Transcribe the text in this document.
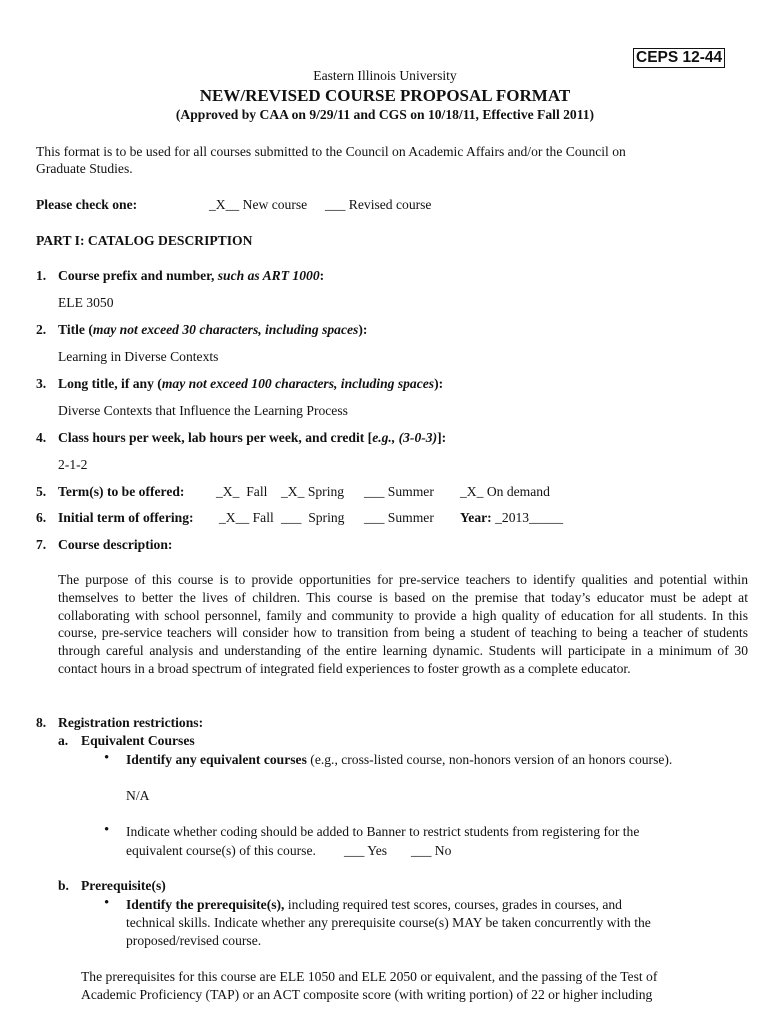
CEPS 12-44
Eastern Illinois University
NEW/REVISED COURSE PROPOSAL FORMAT
(Approved by CAA on 9/29/11 and CGS on 10/18/11, Effective Fall 2011)
This format is to be used for all courses submitted to the Council on Academic Affairs and/or the Council on
Graduate Studies.
Please check one:	_X__ New course	___ Revised course
PART I: CATALOG DESCRIPTION
1. Course prefix and number, such as ART 1000:
ELE 3050
2. Title (may not exceed 30 characters, including spaces):
Learning in Diverse Contexts
3. Long title, if any (may not exceed 100 characters, including spaces):
Diverse Contexts that Influence the Learning Process
4. Class hours per week, lab hours per week, and credit [e.g., (3-0-3)]:
2-1-2
5. Term(s) to be offered: _X_ Fall _X_ Spring ___ Summer _X_ On demand
6. Initial term of offering: _X__ Fall ___ Spring ___ Summer Year: _2013_____
7. Course description:
The purpose of this course is to provide opportunities for pre-service teachers to identify qualities and potential within themselves to better the lives of children. This course is based on the premise that today’s educator must be adept at collaborating with school personnel, family and community to provide a high quality of education for all students. In this course, pre-service teachers will consider how to transition from being a student of teaching to being a teacher of students through careful analysis and understanding of the entire learning dynamic. Students will participate in a minimum of 30 contact hours in a broad spectrum of integrated field experiences to foster growth as a complete educator.
8. Registration restrictions:
a. Equivalent Courses
• Identify any equivalent courses (e.g., cross-listed course, non-honors version of an honors course).
N/A
• Indicate whether coding should be added to Banner to restrict students from registering for the
equivalent course(s) of this course. ___ Yes ___ No
b. Prerequisite(s)
• Identify the prerequisite(s), including required test scores, courses, grades in courses, and
technical skills. Indicate whether any prerequisite course(s) MAY be taken concurrently with the
proposed/revised course.
The prerequisites for this course are ELE 1050 and ELE 2050 or equivalent, and the passing of the Test of
Academic Proficiency (TAP) or an ACT composite score (with writing portion) of 22 or higher including
